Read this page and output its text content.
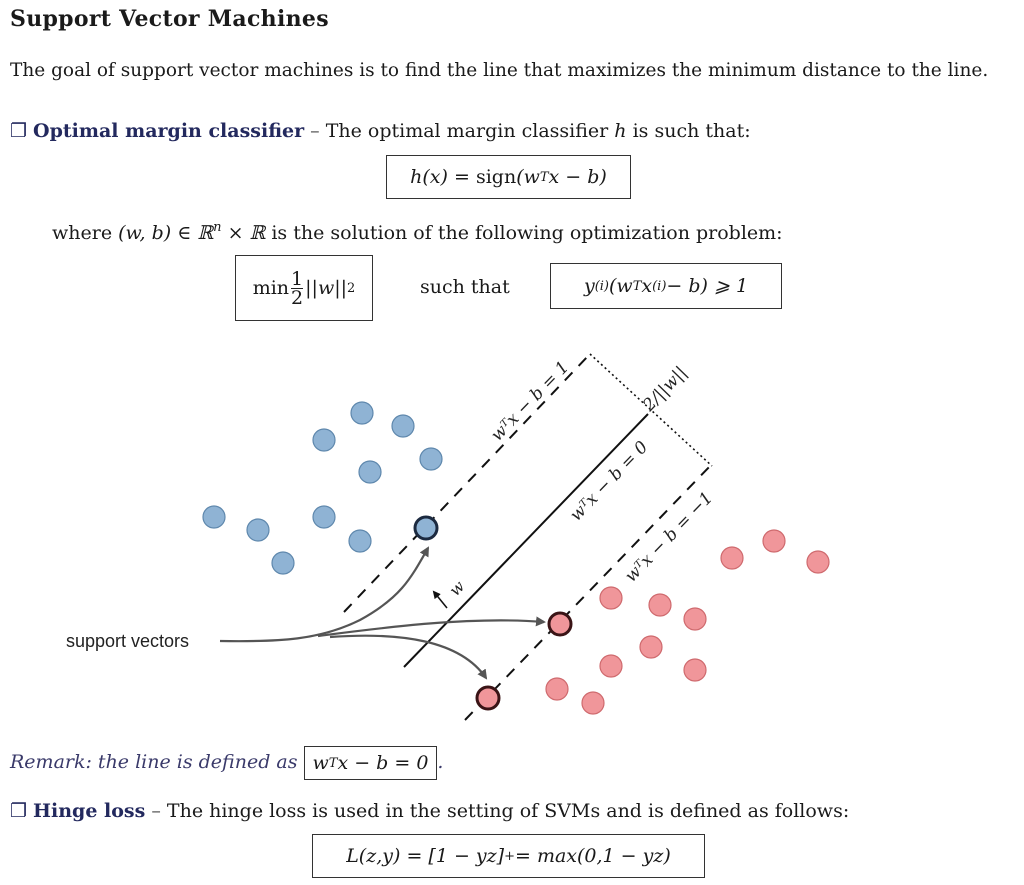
Support Vector Machines
The goal of support vector machines is to find the line that maximizes the minimum distance to the line.
❐ Optimal margin classifier – The optimal margin classifier h is such that:
h(x) =
sign (w T x − b)
where (w, b) ∈ ℝ$^n$ × ℝ is the solution of the following optimization problem:
$\min \frac{1}{2} ||w||$ 2	such that	y (i) (w T x (i) − b) ⩾ 1
support vectors
wᵀx − b = 1
wᵀx − b = 0
wᵀx − b = −1
2/||w||
w
Remark: the line is defined as w T x − b = 0 .
❐ Hinge loss – The hinge loss is used in the setting of SVMs and is defined as follows:
L(z,y) = [1 − yz] + = max(0,1 − yz)
